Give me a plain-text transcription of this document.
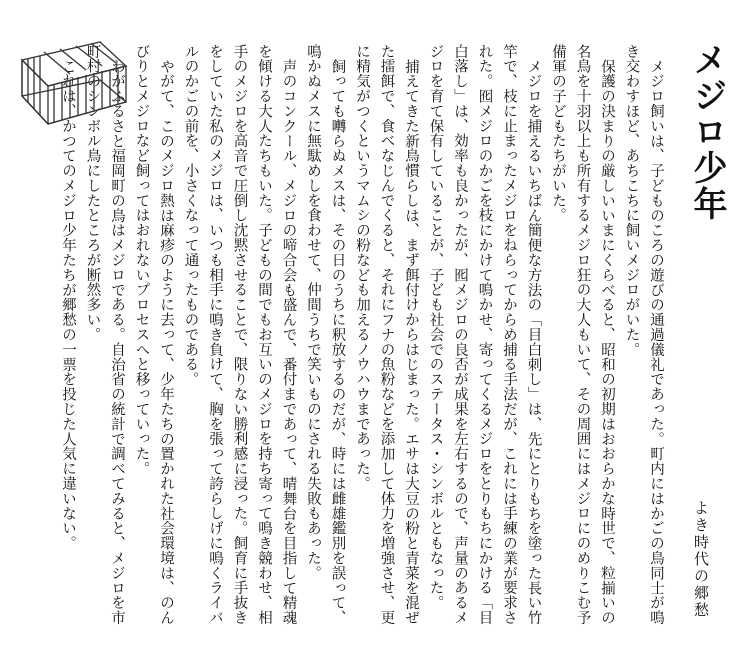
メジロ少年
よき時代の郷愁

メジロ飼いは、子どものころの遊びの通過儀礼であった。町内にはかごの鳥同士が鳴き交わすほど、あちこちに飼いメジロがいた。

保護の決まりの厳しいいまにくらべると、昭和の初期はおおらかな時世で、粒揃いの名鳥を十羽以上も所有するメジロ狂の大人もいて、その周囲にはメジロにのめりこむ予備軍の子どもたちがいた。

メジロを捕えるいちばん簡便な方法の「目白刺し」は、先にとりもちを塗った長い竹竿で、枝に止まったメジロをねらってからめ捕る手法だが、これには手練の業が要求された。囮メジロのかごを枝にかけて鳴かせ、寄ってくるメジロをとりもちにかける「目白落し」は、効率も良かったが、囮メジロの良否が成果を左右するので、声量のあるメジロを育て保有していることが、子ども社会でのステータス・シンボルともなった。

捕えてきた新鳥慣らしは、まず餌付けからはじまった。エサは大豆の粉と青菜を混ぜた擂餌で、食べなじんでくると、それにフナの魚粉などを添加して体力を増強させ、更に精気がつくというマムシの粉なども加えるノウハウまであった。

飼っても囀らぬメスは、その日のうちに釈放するのだが、時には雌雄鑑別を誤って、鳴かぬメスに無駄めしを食わせて、仲間うちで笑いものにされる失敗もあった。

声のコンクール、メジロの啼合会も盛んで、番付まであって、晴舞台を目指して精魂を傾ける大人たちもいた。子どもの間でもお互いのメジロを持ち寄って鳴き競わせ、相手のメジロを高音で圧倒し沈黙させることで、限りない勝利感に浸った。飼育に手抜きをしていた私のメジロは、いつも相手に鳴き負けて、胸を張って誇らしげに鳴くライバルのかごの前を、小さくなって通ったものである。

やがて、このメジロ熱は麻疹のように去って、少年たちの置かれた社会環境は、のんびりとメジロなど飼ってはおれないプロセスへと移っていった。

わがふるさと福岡町の鳥はメジロである。自治省の統計で調べてみると、メジロを市町村のシンボル鳥にしたところが断然多い。

これは、かつてのメジロ少年たちが郷愁の一票を投じた人気に違いない。
